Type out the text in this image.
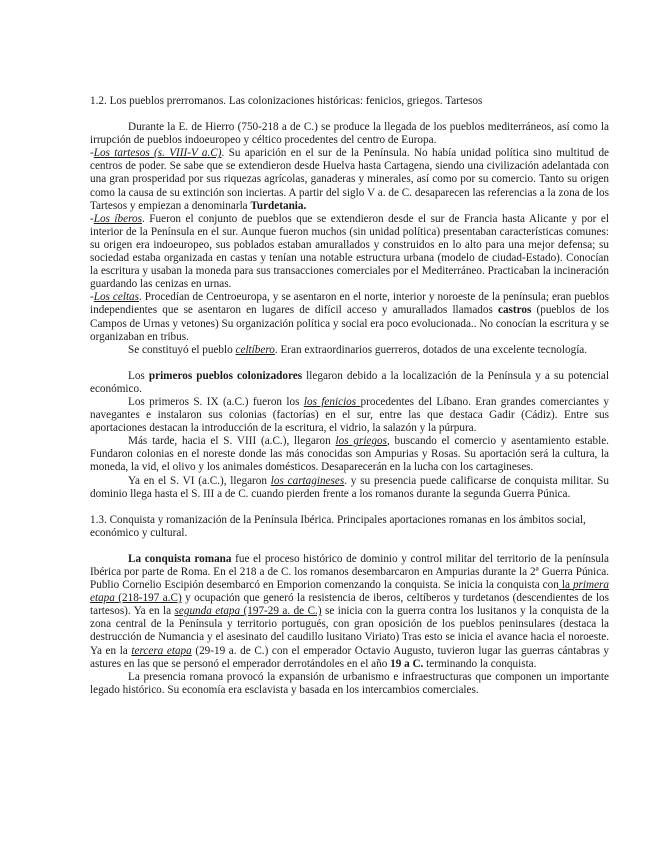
1.2. Los pueblos prerromanos. Las colonizaciones históricas: fenicios, griegos. Tartesos

Durante la E. de Hierro (750-218 a de C.) se produce la llegada de los pueblos mediterráneos, así como la irrupción de pueblos indoeuropeo y céltico procedentes del centro de Europa.

-Los tartesos (s. VIII-V a.C). Su aparición en el sur de la Península. No había unidad política sino multitud de centros de poder. Se sabe que se extendieron desde Huelva hasta Cartagena, siendo una civilización adelantada con una gran prosperidad por sus riquezas agrícolas, ganaderas y minerales, así como por su comercio. Tanto su origen como la causa de su extinción son inciertas. A partir del siglo V a. de C. desaparecen las referencias a la zona de los Tartesos y empiezan a denominarla Turdetania.

-Los íberos. Fueron el conjunto de pueblos que se extendieron desde el sur de Francia hasta Alicante y por el interior de la Península en el sur. Aunque fueron muchos (sin unidad política) presentaban características comunes: su origen era indoeuropeo, sus poblados estaban amurallados y construidos en lo alto para una mejor defensa; su sociedad estaba organizada en castas y tenían una notable estructura urbana (modelo de ciudad-Estado). Conocían la escritura y usaban la moneda para sus transacciones comerciales por el Mediterráneo. Practicaban la incineración guardando las cenizas en urnas.

-Los celtas. Procedían de Centroeuropa, y se asentaron en el norte, interior y noroeste de la península; eran pueblos independientes que se asentaron en lugares de difícil acceso y amurallados llamados castros (pueblos de los Campos de Urnas y vetones) Su organización política y social era poco evolucionada.. No conocían la escritura y se organizaban en tribus.

Se constituyó el pueblo celtíbero. Eran extraordinarios guerreros, dotados de una excelente tecnología.

Los primeros pueblos colonizadores llegaron debido a la localización de la Península y a su potencial económico.

Los primeros S. IX (a.C.) fueron los los fenicios procedentes del Líbano. Eran grandes comerciantes y navegantes e instalaron sus colonias (factorías) en el sur, entre las que destaca Gadir (Cádiz). Entre sus aportaciones destacan la introducción de la escritura, el vidrio, la salazón y la púrpura.

Más tarde, hacia el S. VIII (a.C.), llegaron los griegos, buscando el comercio y asentamiento estable. Fundaron colonias en el noreste donde las más conocidas son Ampurias y Rosas. Su aportación será la cultura, la moneda, la vid, el olivo y los animales domésticos. Desaparecerán en la lucha con los cartagineses.

Ya en el S. VI (a.C.), llegaron los cartagineses. y su presencia puede calificarse de conquista militar. Su dominio llega hasta el S. III a de C. cuando pierden frente a los romanos durante la segunda Guerra Púnica.

1.3. Conquista y romanización de la Península Ibérica. Principales aportaciones romanas en los ámbitos social, económico y cultural.

La conquista romana fue el proceso histórico de dominio y control militar del territorio de la península Ibérica por parte de Roma. En el 218 a de C. los romanos desembarcaron en Ampurias durante la 2ª Guerra Púnica. Publio Cornelio Escipión desembarcó en Emporion comenzando la conquista. Se inicia la conquista con la primera etapa (218-197 a.C) y ocupación que generó la resistencia de iberos, celtíberos y turdetanos (descendientes de los tartesos). Ya en la segunda etapa (197-29 a. de C.) se inicia con la guerra contra los lusitanos y la conquista de la zona central de la Península y territorio portugués, con gran oposición de los pueblos peninsulares (destaca la destrucción de Numancia y el asesinato del caudillo lusitano Viriato) Tras esto se inicia el avance hacia el noroeste. Ya en la tercera etapa (29-19 a. de C.) con el emperador Octavio Augusto, tuvieron lugar las guerras cántabras y astures en las que se personó el emperador derrotándoles en el año 19 a C. terminando la conquista.

La presencia romana provocó la expansión de urbanismo e infraestructuras que componen un importante legado histórico. Su economía era esclavista y basada en los intercambios comerciales.
